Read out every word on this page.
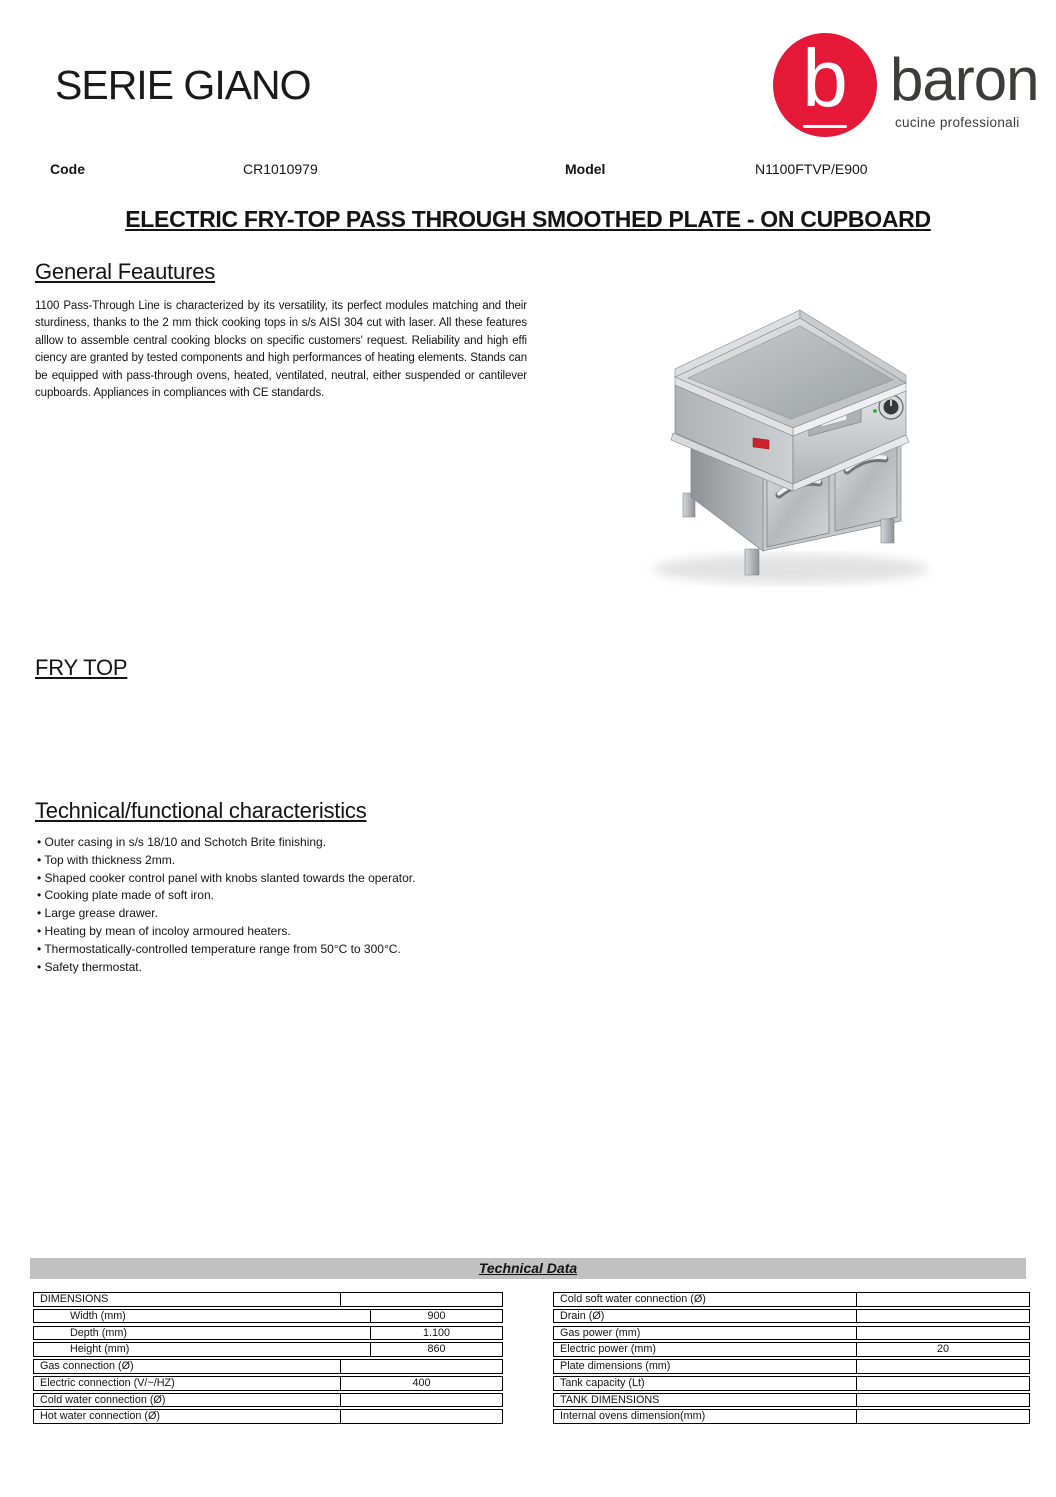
SERIE GIANO	b baron
cucine professionali
Code	CR1010979	Model	N1100FTVP/E900
ELECTRIC FRY-TOP PASS THROUGH SMOOTHED PLATE - ON CUPBOARD
General Feautures
1100 Pass-Through Line is characterized by its versatility, its perfect modules matching and their sturdiness, thanks to the 2 mm thick cooking tops in s/s AISI 304 cut with laser. All these features alllow to assemble central cooking blocks on specific customers' request. Reliability and high effi ciency are granted by tested components and high performances of heating elements. Stands can be equipped with pass-through ovens, heated, ventilated, neutral, either suspended or cantilever cupboards. Appliances in compliances with CE standards.
FRY TOP
Technical/functional characteristics
• Outer casing in s/s 18/10 and Schotch Brite finishing.
• Top with thickness 2mm.
• Shaped cooker control panel with knobs slanted towards the operator.
• Cooking plate made of soft iron.
• Large grease drawer.
• Heating by mean of incoloy armoured heaters.
• Thermostatically-controlled temperature range from 50°C to 300°C.
• Safety thermostat.
Technical Data
DIMENSIONS
Width (mm)	900
Depth (mm)	1.100
Height (mm)	860
Gas connection (Ø)
Electric connection (V/~/HZ)	400
Cold water connection (Ø)
Hot water connection (Ø)
Cold soft water connection (Ø)
Drain (Ø)
Gas power (mm)
Electric power (mm)	20
Plate dimensions (mm)
Tank capacity (Lt)
TANK DIMENSIONS
Internal ovens dimension(mm)
